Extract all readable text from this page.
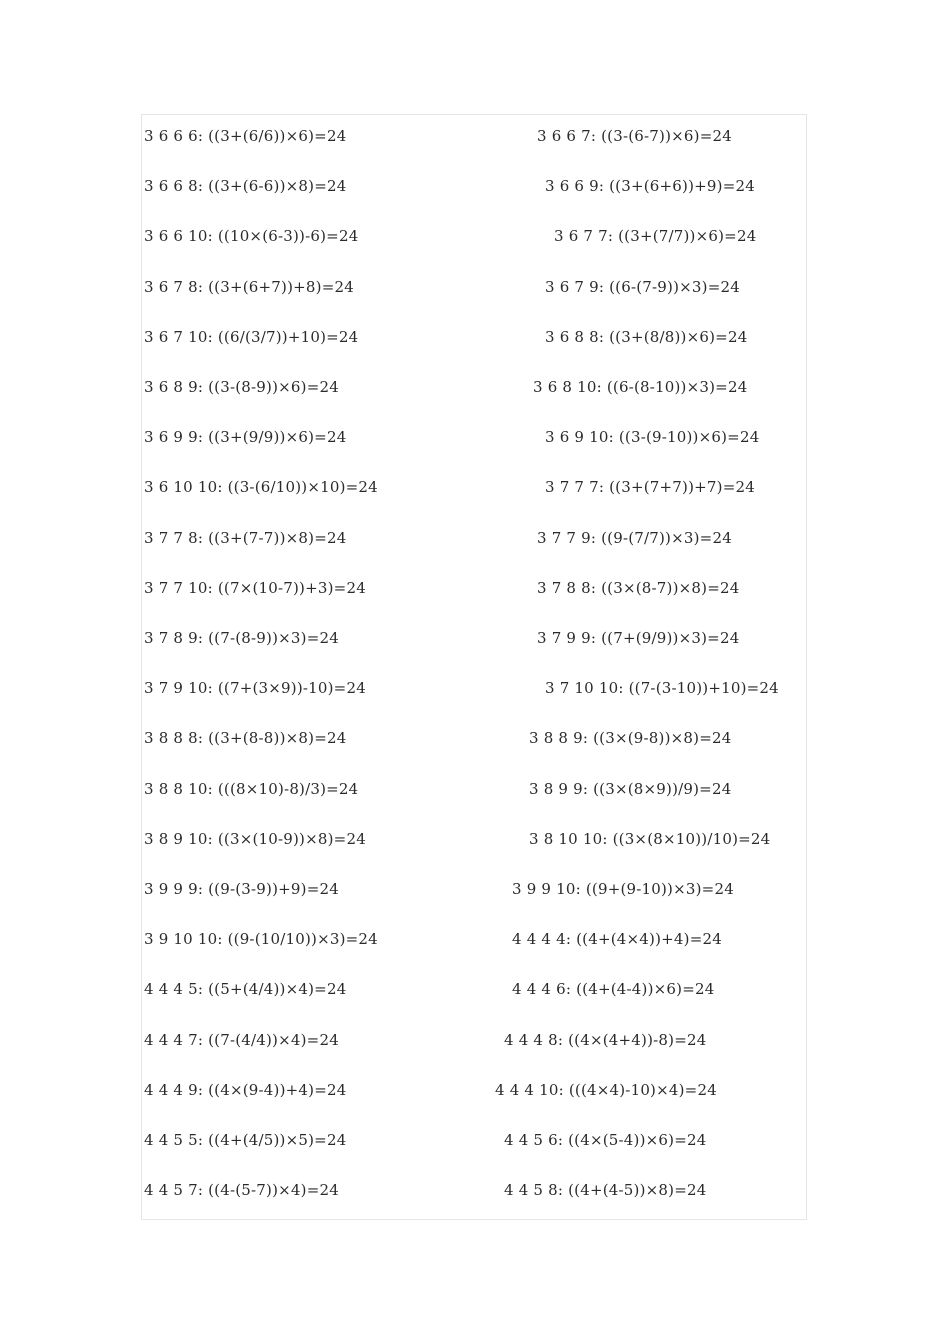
3 6 6 6: ((3+(6/6))×6)=24	3 6 6 7: ((3-(6-7))×6)=24
3 6 6 8: ((3+(6-6))×8)=24	3 6 6 9: ((3+(6+6))+9)=24
3 6 6 10: ((10×(6-3))-6)=24	3 6 7 7: ((3+(7/7))×6)=24
3 6 7 8: ((3+(6+7))+8)=24	3 6 7 9: ((6-(7-9))×3)=24
3 6 7 10: ((6/(3/7))+10)=24	3 6 8 8: ((3+(8/8))×6)=24
3 6 8 9: ((3-(8-9))×6)=24	3 6 8 10: ((6-(8-10))×3)=24
3 6 9 9: ((3+(9/9))×6)=24	3 6 9 10: ((3-(9-10))×6)=24
3 6 10 10: ((3-(6/10))×10)=24	3 7 7 7: ((3+(7+7))+7)=24
3 7 7 8: ((3+(7-7))×8)=24	3 7 7 9: ((9-(7/7))×3)=24
3 7 7 10: ((7×(10-7))+3)=24	3 7 8 8: ((3×(8-7))×8)=24
3 7 8 9: ((7-(8-9))×3)=24	3 7 9 9: ((7+(9/9))×3)=24
3 7 9 10: ((7+(3×9))-10)=24	3 7 10 10: ((7-(3-10))+10)=24
3 8 8 8: ((3+(8-8))×8)=24	3 8 8 9: ((3×(9-8))×8)=24
3 8 8 10: (((8×10)-8)/3)=24	3 8 9 9: ((3×(8×9))/9)=24
3 8 9 10: ((3×(10-9))×8)=24	3 8 10 10: ((3×(8×10))/10)=24
3 9 9 9: ((9-(3-9))+9)=24	3 9 9 10: ((9+(9-10))×3)=24
3 9 10 10: ((9-(10/10))×3)=24	4 4 4 4: ((4+(4×4))+4)=24
4 4 4 5: ((5+(4/4))×4)=24	4 4 4 6: ((4+(4-4))×6)=24
4 4 4 7: ((7-(4/4))×4)=24	4 4 4 8: ((4×(4+4))-8)=24
4 4 4 9: ((4×(9-4))+4)=24	4 4 4 10: (((4×4)-10)×4)=24
4 4 5 5: ((4+(4/5))×5)=24	4 4 5 6: ((4×(5-4))×6)=24
4 4 5 7: ((4-(5-7))×4)=24	4 4 5 8: ((4+(4-5))×8)=24
